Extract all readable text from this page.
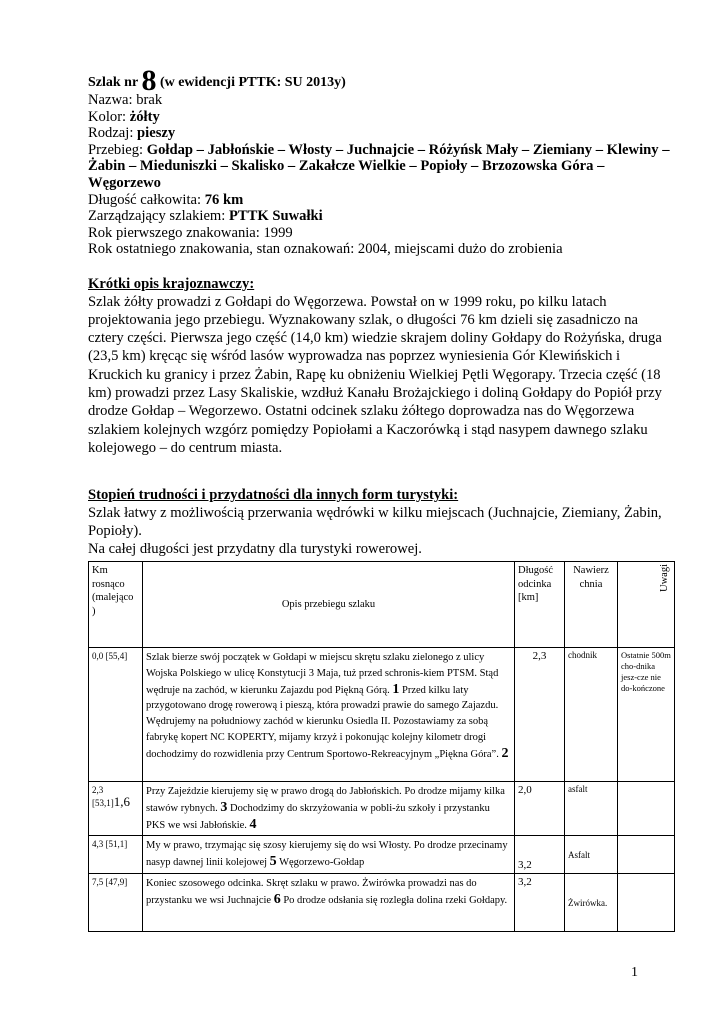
Szlak nr 8 (w ewidencji PTTK: SU 2013y)
Nazwa: brak
Kolor: żółty
Rodzaj: pieszy
Przebieg: Gołdap – Jabłońskie – Włosty – Juchnajcie – Różyńsk Mały – Ziemiany – Klewiny – Żabin – Mieduniszki – Skalisko – Zakałcze Wielkie – Popioły – Brzozowska Góra – Węgorzewo
Długość całkowita: 76 km
Zarządzający szlakiem: PTTK Suwałki
Rok pierwszego znakowania: 1999
Rok ostatniego znakowania, stan oznakowań: 2004, miejscami dużo do zrobienia
Krótki opis krajoznawczy:
Szlak żółty prowadzi z Gołdapi do Węgorzewa. Powstał on w 1999 roku, po kilku latach projektowania jego przebiegu. Wyznakowany szlak, o długości 76 km dzieli się zasadniczo na cztery części. Pierwsza jego część (14,0 km) wiedzie skrajem doliny Gołdapy do Rożyńska, druga (23,5 km) kręcąc się wśród lasów wyprowadza nas poprzez wyniesienia Gór Klewińskich i Kruckich ku granicy i przez Żabin, Rapę ku obniżeniu Wielkiej Pętli Węgorapy. Trzecia część (18 km) prowadzi przez Lasy Skaliskie, wzdłuż Kanału Brożajckiego i doliną Gołdapy do Popiół przy drodze Gołdap – Wegorzewo. Ostatni odcinek szlaku żółtego doprowadza nas do Węgorzewa szlakiem kolejnych wzgórz pomiędzy Popiołami a Kaczorówką i stąd nasypem dawnego szlaku kolejowego – do centrum miasta.
Stopień trudności i przydatności dla innych form turystyki:
Szlak łatwy z możliwością przerwania wędrówki w kilku miejscach (Juchnajcie, Ziemiany, Żabin, Popioły).
Na całej długości jest przydatny dla turystyki rowerowej.
Km rosnąco (malejąco )	Opis przebiegu szlaku	Długość odcinka [km]	Nawierz chnia	Uwagi
0,0 [55,4]	Szlak bierze swój początek w Gołdapi w miejscu skrętu szlaku zielonego z ulicy Wojska Polskiego w ulicę Konstytucji 3 Maja, tuż przed schronis-kiem PTSM. Stąd wędruje na zachód, w kierunku Zajazdu pod Piękną Górą. 1 Przed kilku laty przygotowano drogę rowerową i pieszą, która prowadzi prawie do samego Zajazdu. Wędrujemy na południowy zachód w kierunku Osiedla II. Pozostawiamy za sobą fabrykę kopert NC KOPERTY, mijamy krzyż i pokonując kolejny kilometr drogi dochodzimy do rozwidlenia przy Centrum Sportowo-Rekreacyjnym „Piękna Góra”. 2	2,3	chodnik	Ostatnie 500m cho-dnika jesz-cze nie do-kończone
2,3 [53,1]1,6	Przy Zajeździe kierujemy się w prawo drogą do Jabłońskich. Po drodze mijamy kilka stawów rybnych. 3 Dochodzimy do skrzyżowania w pobli-żu szkoły i przystanku PKS we wsi Jabłońskie. 4	2,0	asfalt	
4,3 [51,1]	My w prawo, trzymając się szosy kierujemy się do wsi Włosty. Po drodze przecinamy nasyp dawnej linii kolejowej 5 Węgorzewo-Gołdap	3,2	Asfalt	
7,5 [47,9]	Koniec szosowego odcinka. Skręt szlaku w prawo. Żwirówka prowadzi nas do przystanku we wsi Juchnajcie 6 Po drodze odsłania się rozległa dolina rzeki Gołdapy.	3,2	Żwirówka.	
1
